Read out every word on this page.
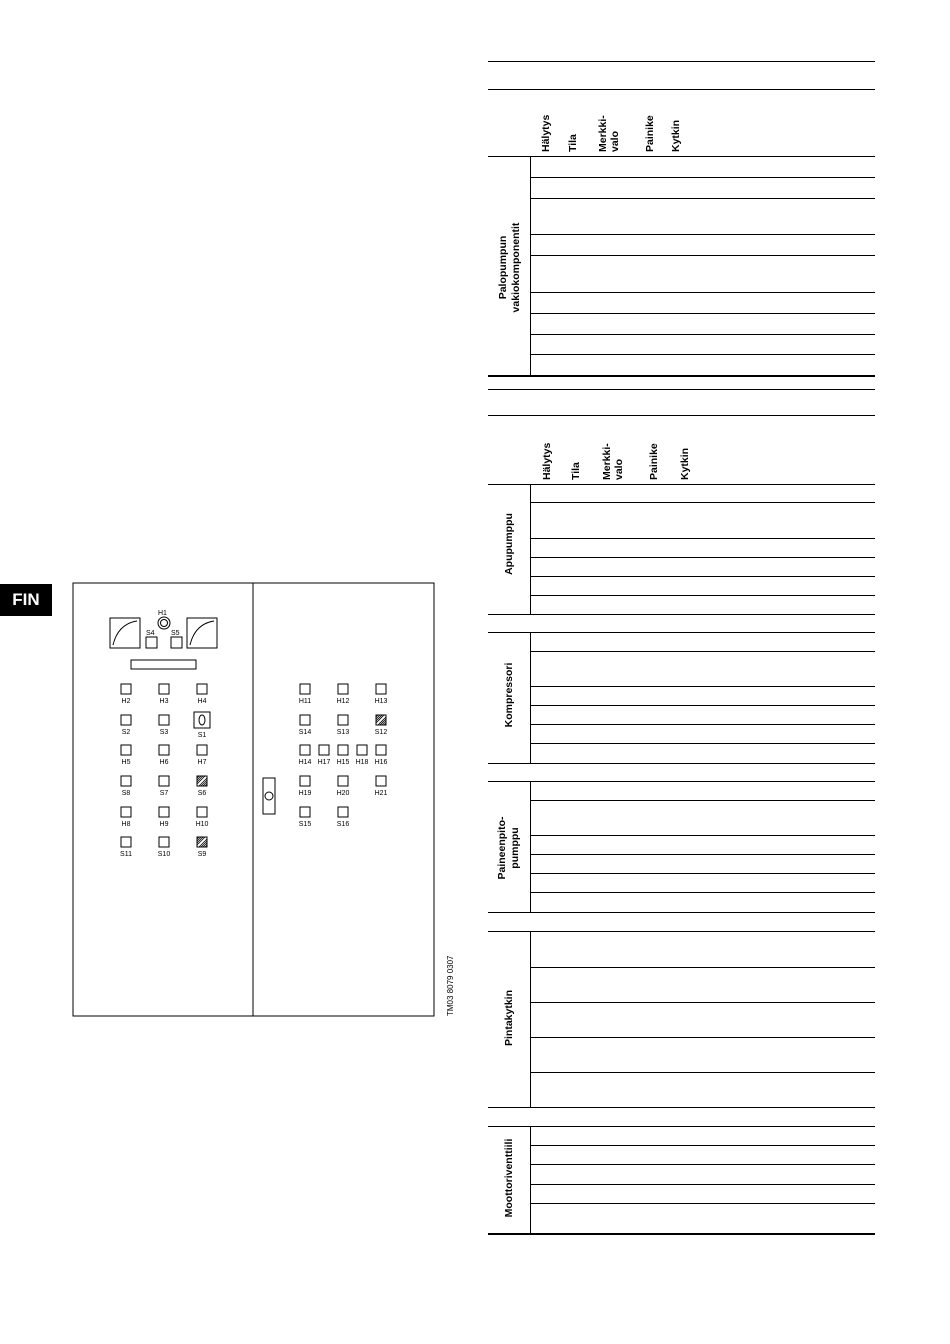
FIN
H1
S4 S5
H2	H3	H4
S2	S3	S1
H5	H6	H7
S8	S7	S6
H8	H9	H10
S11	S10	S9
H11	H12	H13
S14	S13	S12
H14 H17 H15 H18 H16
H19	H20	H21
S15	S16
TM03 8079 0307
Hälytys Tila Merkki- valo Painike Kytkin
Palopumpun vakiokomponentit
Hälytys Tila Merkki- valo Painike Kytkin
Apupumppu
Kompressori
Paineenpito- pumppu
Pintakytkin
Moottoriventtiili
